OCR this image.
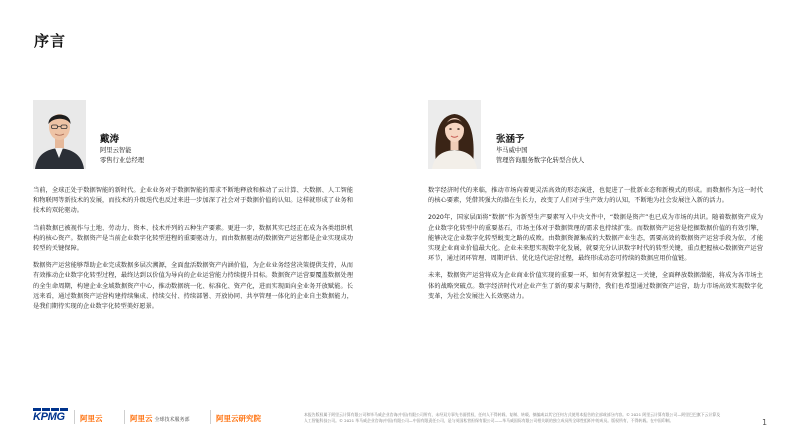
序言
戴涛
阿里云智能
零售行业总经理
张涵予
毕马威中国
管理咨询服务数字化转型合伙人

当前，全球正处于数据智能的新时代。企业业务对于数据智能的需求不断地释放和推动了云计算、大数据、人工智能和物联网等新技术的发展，而技术的升级迭代也反过来进一步加深了社会对于数据价值的认知。这样就形成了业务和技术的双轮驱动。

当前数据已被视作与土地、劳动力、资本、技术并列的五种生产要素。更进一步，数据其实已经正在成为各类组织机构的核心资产。数据资产是当前企业数字化转型进程的重要驱动力，而由数据驱动的数据资产运营都是企业实现成功转型的关键保障。

数据资产运营能够帮助企业完成数据多层次溯源，全面盘活数据资产内涵价值，为企业业务经营决策提供支持，从而有效推动企业数字化转型过程，最终达到以价值为导向的企业运营能力持续提升目标。数据资产运营要覆盖数据处理的全生命周期，构建企业全域数据资产中心，推动数据统一化、标准化、资产化，进而实现面向全业务开放赋能。长远来看，通过数据资产运营构建持续集成、持续交付、持续部署、开放协同、共享管理一体化的企业自主数据能力，是我们期待实现的企业数字化转型美好愿景。

数字经济时代的来临，推动市场向着更灵活高效的形态演进，也促进了一批新业态和新模式的形成。而数据作为这一时代的核心要素，凭借其强大的潜在生长力，改变了人们对于生产效力的认知，不断地为社会发展注入新的活力。

2020年，国家层面将“数据”作为新型生产要素写入中央文件中，“数据是资产”也已成为市场的共识。随着数据资产成为企业数字化转型中的重要基石，市场主体对于数据管理的需求也持续扩张。而数据资产运营是挖掘数据价值的有效引擎，能够决定企业数字化转型蜕变之路的成败。由数据资源集成的大数据产业生态，需要高效的数据资产运营手段为依，才能实现企业商业价值最大化。企业未来想实现数字化发展，就要充分认识数字时代的转型关键，重点把握核心数据资产运营环节，通过闭环管理、周期评估、优化迭代运营过程，最终形成动态可持续的数据应用价值链。

未来，数据资产运营将成为企业商业价值实现的重要一环，如何有效掌握这一关键，全面释放数据潜能，将成为各市场主体的战略突破点。数字经济时代对企业产生了新的要求与期待，我们也希望通过数据资产运营，助力市场高效实现数字化变革，为社会发展注入长效驱动力。

KPMG 阿里云	阿里云 全球技术服务部	阿里云研究院	本报告版权属于阿里云计算有限公司和毕马威企业咨询(中国)有限公司所有，未经双方事先书面授权，任何人不得转载、复制、转载、摘编或以其它任何方式使用本报告的全部或部分内容。© 2021 阿里云计算有限公司—阿里巴巴旗下云计算及人工智能科技公司。© 2021 毕马威企业咨询(中国)有限公司—中国有限责任公司，是与英国私营担保有限公司——毕马威国际有限公司相关联的独立成员所全球性组织中的成员。版权所有，不得转载。在中国印制。	1
